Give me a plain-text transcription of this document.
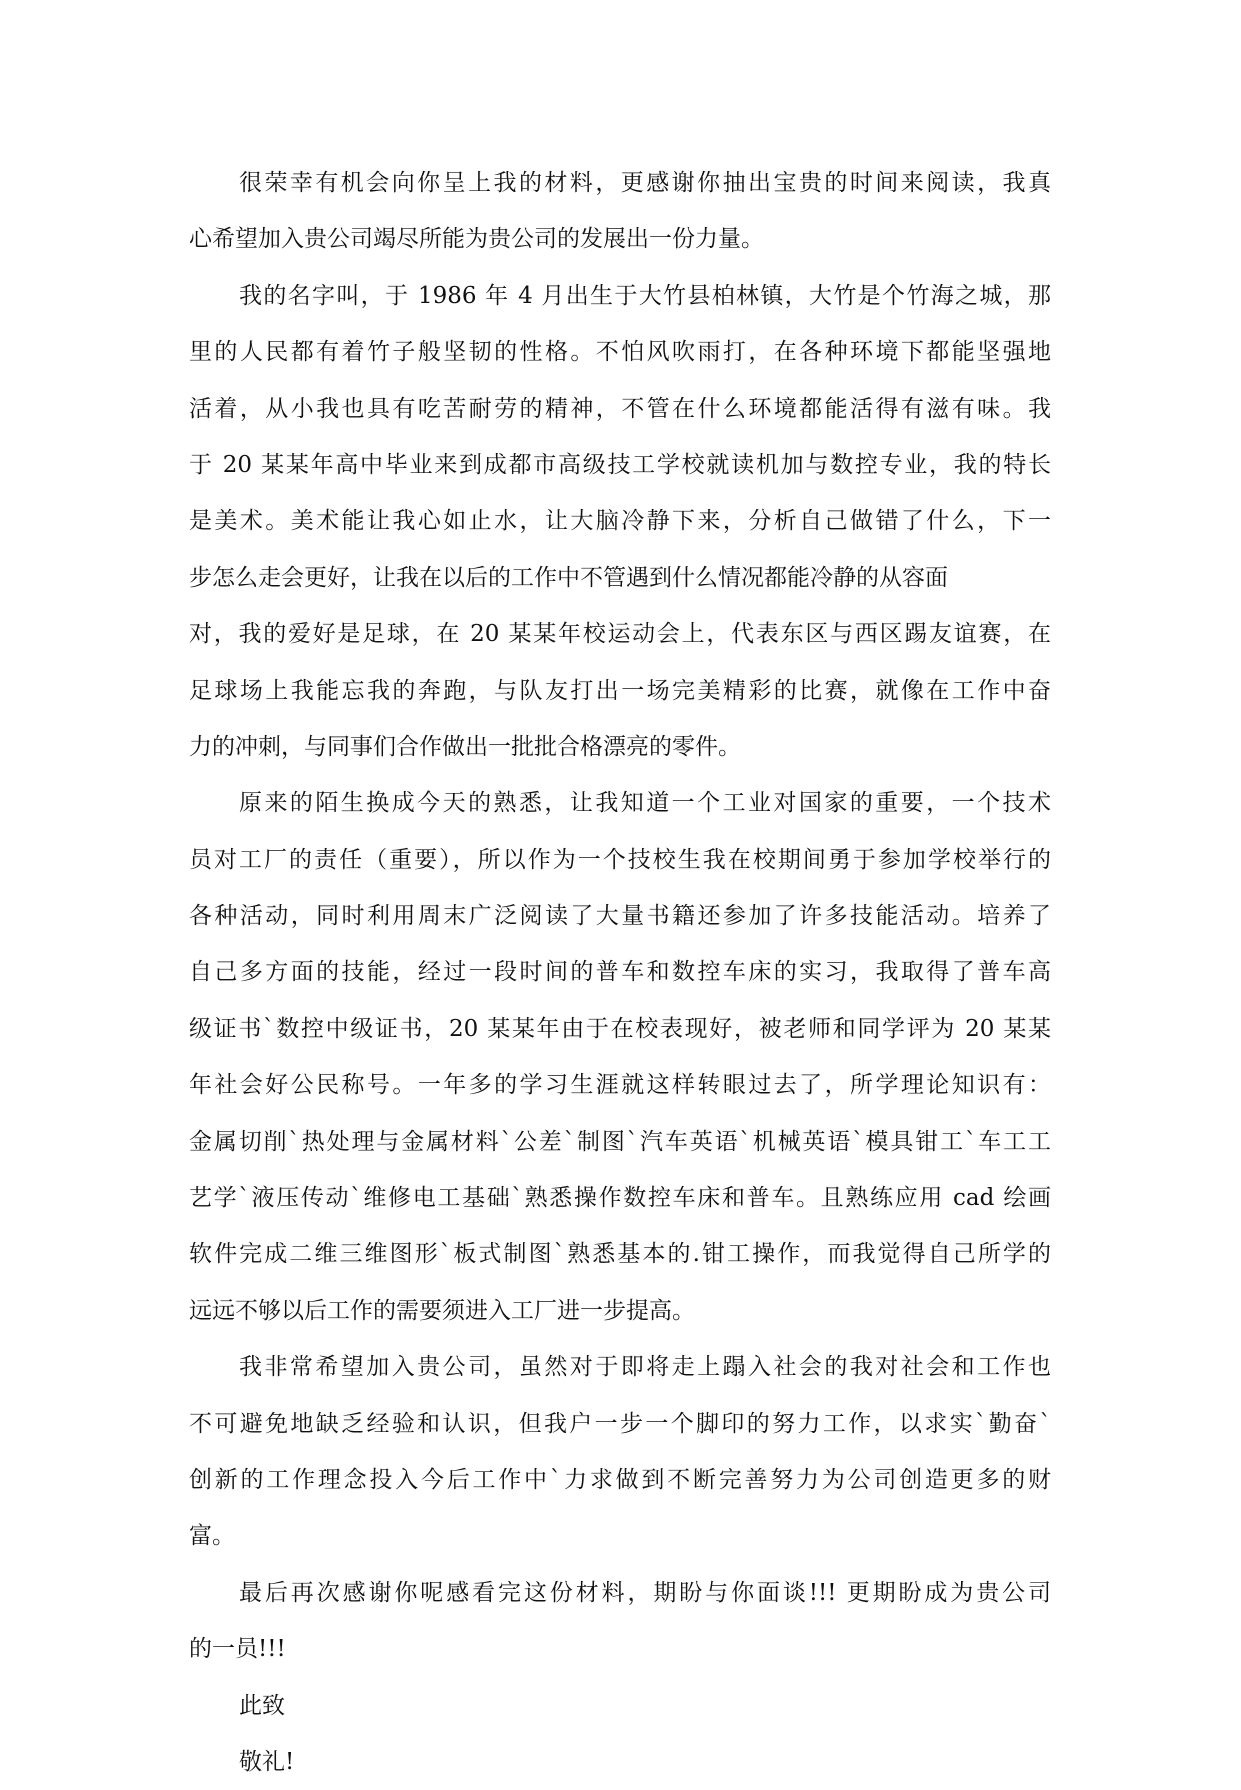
很荣幸有机会向你呈上我的材料，更感谢你抽出宝贵的时间来阅读，我真
心希望加入贵公司竭尽所能为贵公司的发展出一份力量。
我的名字叫，于 1986 年 4 月出生于大竹县柏林镇，大竹是个竹海之城，那
里的人民都有着竹子般坚韧的性格。不怕风吹雨打，在各种环境下都能坚强地
活着，从小我也具有吃苦耐劳的精神，不管在什么环境都能活得有滋有味。我
于 20 某某年高中毕业来到成都市高级技工学校就读机加与数控专业，我的特长
是美术。美术能让我心如止水，让大脑冷静下来，分析自己做错了什么，下一
步怎么走会更好，让我在以后的工作中不管遇到什么情况都能冷静的从容面
对，我的爱好是足球，在 20 某某年校运动会上，代表东区与西区踢友谊赛，在
足球场上我能忘我的奔跑，与队友打出一场完美精彩的比赛，就像在工作中奋
力的冲刺，与同事们合作做出一批批合格漂亮的零件。
原来的陌生换成今天的熟悉，让我知道一个工业对国家的重要，一个技术
员对工厂的责任（重要），所以作为一个技校生我在校期间勇于参加学校举行的
各种活动，同时利用周末广泛阅读了大量书籍还参加了许多技能活动。培养了
自己多方面的技能，经过一段时间的普车和数控车床的实习，我取得了普车高
级证书`数控中级证书，20 某某年由于在校表现好，被老师和同学评为 20 某某
年社会好公民称号。一年多的学习生涯就这样转眼过去了，所学理论知识有：
金属切削`热处理与金属材料`公差`制图`汽车英语`机械英语`模具钳工`车工工
艺学`液压传动`维修电工基础`熟悉操作数控车床和普车。且熟练应用 cad 绘画
软件完成二维三维图形`板式制图`熟悉基本的.钳工操作，而我觉得自己所学的
远远不够以后工作的需要须进入工厂进一步提高。
我非常希望加入贵公司，虽然对于即将走上蹋入社会的我对社会和工作也
不可避免地缺乏经验和认识，但我户一步一个脚印的努力工作，以求实`勤奋`
创新的工作理念投入今后工作中`力求做到不断完善努力为公司创造更多的财
富。
最后再次感谢你呢感看完这份材料，期盼与你面谈!!! 更期盼成为贵公司
的一员!!!
此致
敬礼!
